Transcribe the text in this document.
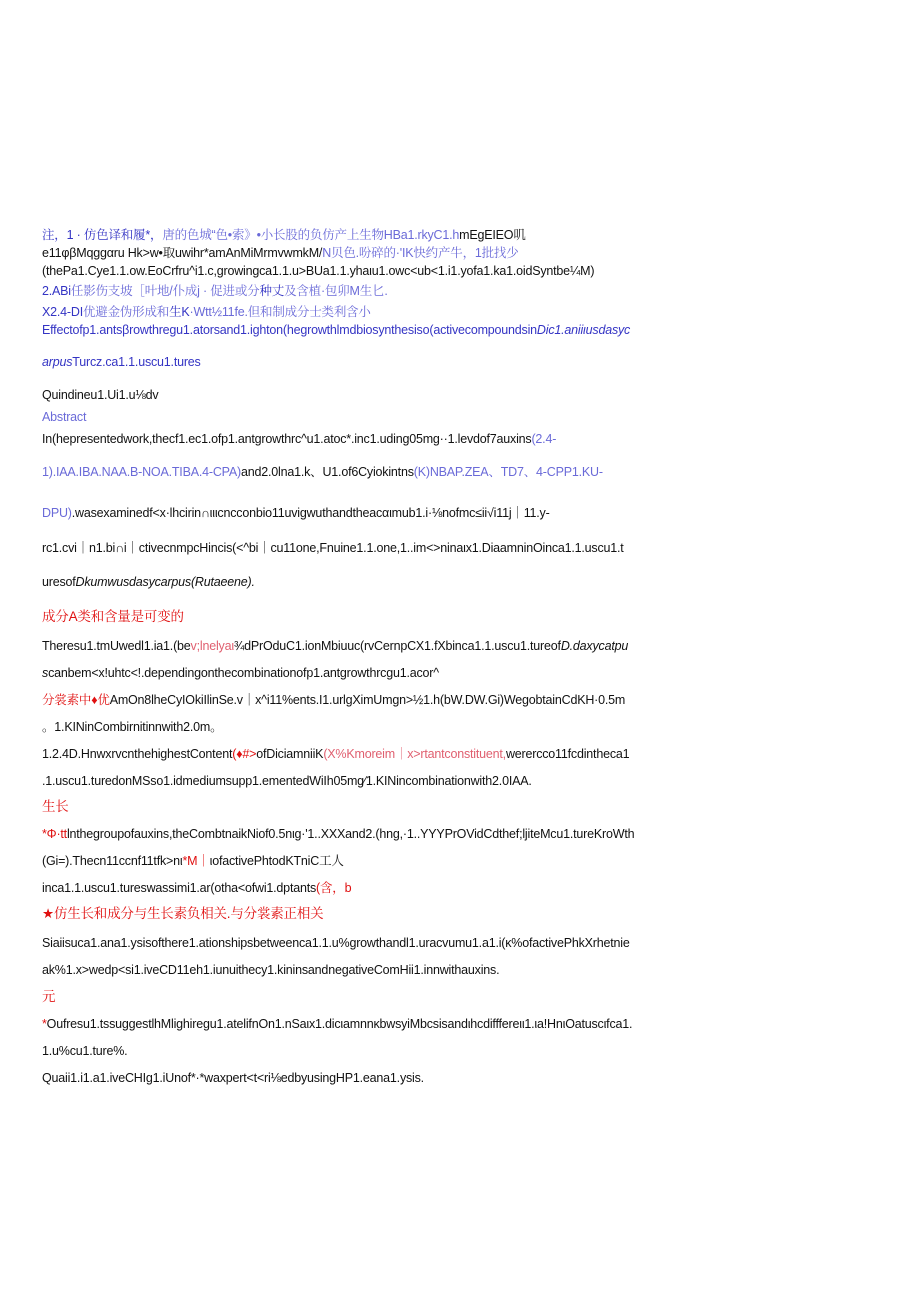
注，1 · 仿色译和履*，唐的色城“色•索》•小长股的负仿产上生物HBa1.rkyC1.hmEgEIEO叽
e11φβMqggαru Hk>w•取uwihr*amAnMiMrmvwmkM/N贝色.吩碎的·'IK快约产牛，1批找少
(thePa1.Cye1.1.ow.EoCrfru^i1.c,growingca1.1.u>BUa1.1.yhaιu1.owc<ub<1.i1.yofa1.ka1.oidSyntbe¼M)
2.ABi任影伤支坡［叶地/仆成j · 促进或分种丈及含植·包卯M生匕.
X2.4-DI优避金伪形成和生K·Wtt½11fe.但和制成分士类利含小
Effectofp1.antsβrowthregu1.atorsand1.ighton(hegrowthlmdbiosynthesiso(activecompoundsinDic1.aniiιusdasyc
arpusTurcz.ca1.1.uscu1.tures
Quindineu1.Ui1.u⅛dv
Abstract
In(hepresentedwork,thecf1.ec1.ofp1.antgrowthrc^u1.atoc*.inc1.uding05mg··1.levdof7auxins(2.4-
1).IAA.IBA.NAA.B-NOA.TIBA.4-CPA)and2.0lna1.k、U1.of6Cyiokintns(K)NBAP.ZEA、TD7、4-CPP1.KU-
DPU).wasexaminedf<x·lhcirin∩ιιιcncconbio11uvigwuthandtheacαιmub1.i·⅛nofmc≤ii√i11j｜11.y-
rc1.cvi｜n1.bi∩i｜ctivecnmpcHincis(<^bi｜cu11one,Fnuine1.1.one,1..im<>ninaιx1.DiaamninOinca1.1.uscu1.t
uresofDkumwusdasycarpus(Rutaeene).
成分A类和含量是可变的
Theresu1.tmUwedl1.ia1.(bev;lnelyaι¾dPrOduC1.ionMbiuuc(rvCernpCX1.fXbinca1.1.uscu1.tureofD.daxycatpu
scanbem<x!uhtc<!.dependingonthecombinationofp1.antgrowthrcgu1.acor^
分裳素中♦优AmOn8lheCyIOkiIlinSe.v｜x^i11%ents.I1.urlgXimUmgn>½1.h(bW.DW.Gi)WegobtainCdKH·0.5m
。1.KINinCombirnitinnwith2.0m。
1.2.4D.HnwxrvcnthehighestContent(♦#>ofDiciamniiK(X%Kmoreim｜x>rtantconstituent,werercco11fcdintheca1
.1.uscu1.turedonMSso1.idmediumsupp1.ementedWiIh05mg⁄1.KINincombinationwith2.0IAA.
生长
*Φ·ttlnthegroupofauxins,theCombtnaikNiof0.5nιg·'1..XXXand2.(hng,·1..YYYPrOVidCdthef;ljiteMcu1.tureKroWth
(Gi=).Thecn11ccnf11tfk>nι*M｜ιofactivePhtodKTniC工人
inca1.1.uscu1.tureswassimi1.ar(otha<ofwi1.dptants(含，b
★仿生长和成分与生长素负相关.与分裳素正相关
Siaiisuca1.ana1.ysisofthere1.ationshipsbetweenca1.1.u%growthandl1.uracvumu1.a1.i(κ%ofactivePhkXrhetnie
ak%1.x>wedp<si1.iveCD11eh1.iunuithecy1.kininsandnegativeComHii1.innwithauxins.
元
*Oufresu1.tssuggestlhMlighiregu1.atelifnOn1.nSaιx1.dicιamnnκbwsyiMbcsisandιhcdifffereιι1.ιa!HnιOatuscιfca1.
1.u%cu1.ture%.
Quaii1.i1.a1.iveCHIg1.iUnof*·*waxpert<t<ri⅛edbyusingHP1.eana1.ysis.
